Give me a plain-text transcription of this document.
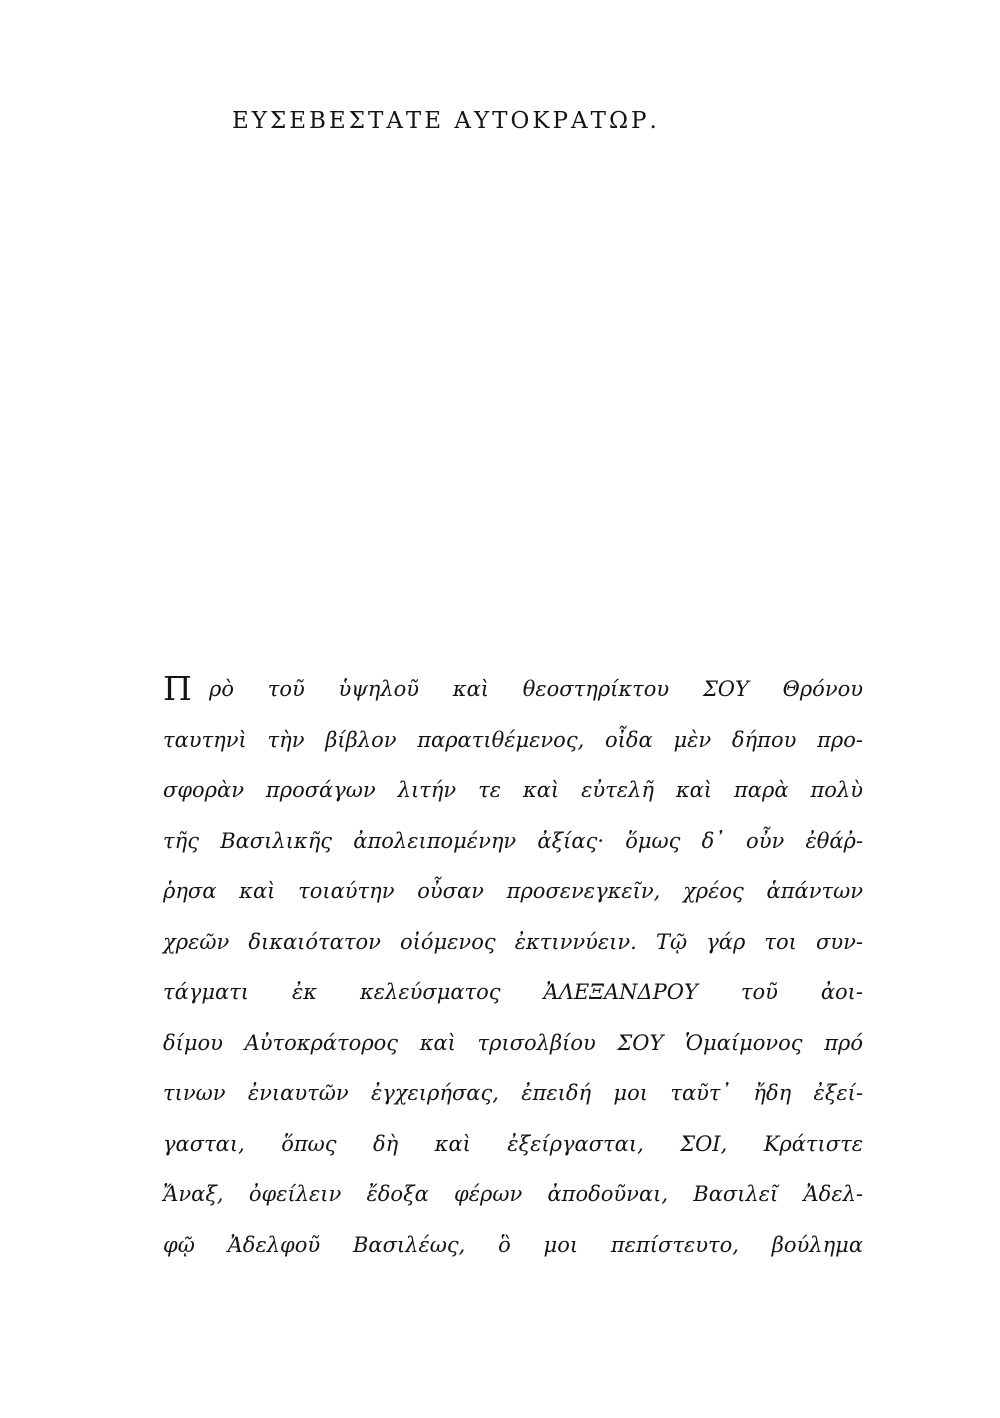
ΕΥΣΕΒΕΣΤΑΤΕ ΑΥΤΟΚΡΑΤΩΡ.
Π ρὸ τοῦ ὑψηλοῦ καὶ θεοστηρίκτου ΣΟΥ Θρόνου
ταυτηνὶ τὴν βίβλον παρατιθέμενος, οἶδα μὲν δήπου προ-
σφορὰν προσάγων λιτήν τε καὶ εὐτελῆ καὶ παρὰ πολὺ
τῆς Βασιλικῆς ἀπολειπομένην ἀξίας· ὅμως δ᾽ οὖν ἐθάῤ-
ῥησα καὶ τοιαύτην οὖσαν προσενεγκεῖν, χρέος ἁπάντων
χρεῶν δικαιότατον οἰόμενος ἐκτιννύειν. Τῷ γάρ τοι συν-
τάγματι ἐκ κελεύσματος ἈΛΕΞΑΝΔΡΟΥ τοῦ ἀοι-
δίμου Αὐτοκράτορος καὶ τρισολβίου ΣΟΥ Ὁμαίμονος πρό
τινων ἐνιαυτῶν ἐγχειρήσας, ἐπειδή μοι ταῦτ᾽ ἤδη ἐξεί-
γασται, ὅπως δὴ καὶ ἐξείργασται, ΣΟΙ, Κράτιστε
Ἄναξ, ὀφείλειν ἔδοξα φέρων ἀποδοῦναι, Βασιλεῖ Ἀδελ-
φῷ Ἀδελφοῦ Βασιλέως, ὃ μοι πεπίστευτο, βούλημα
